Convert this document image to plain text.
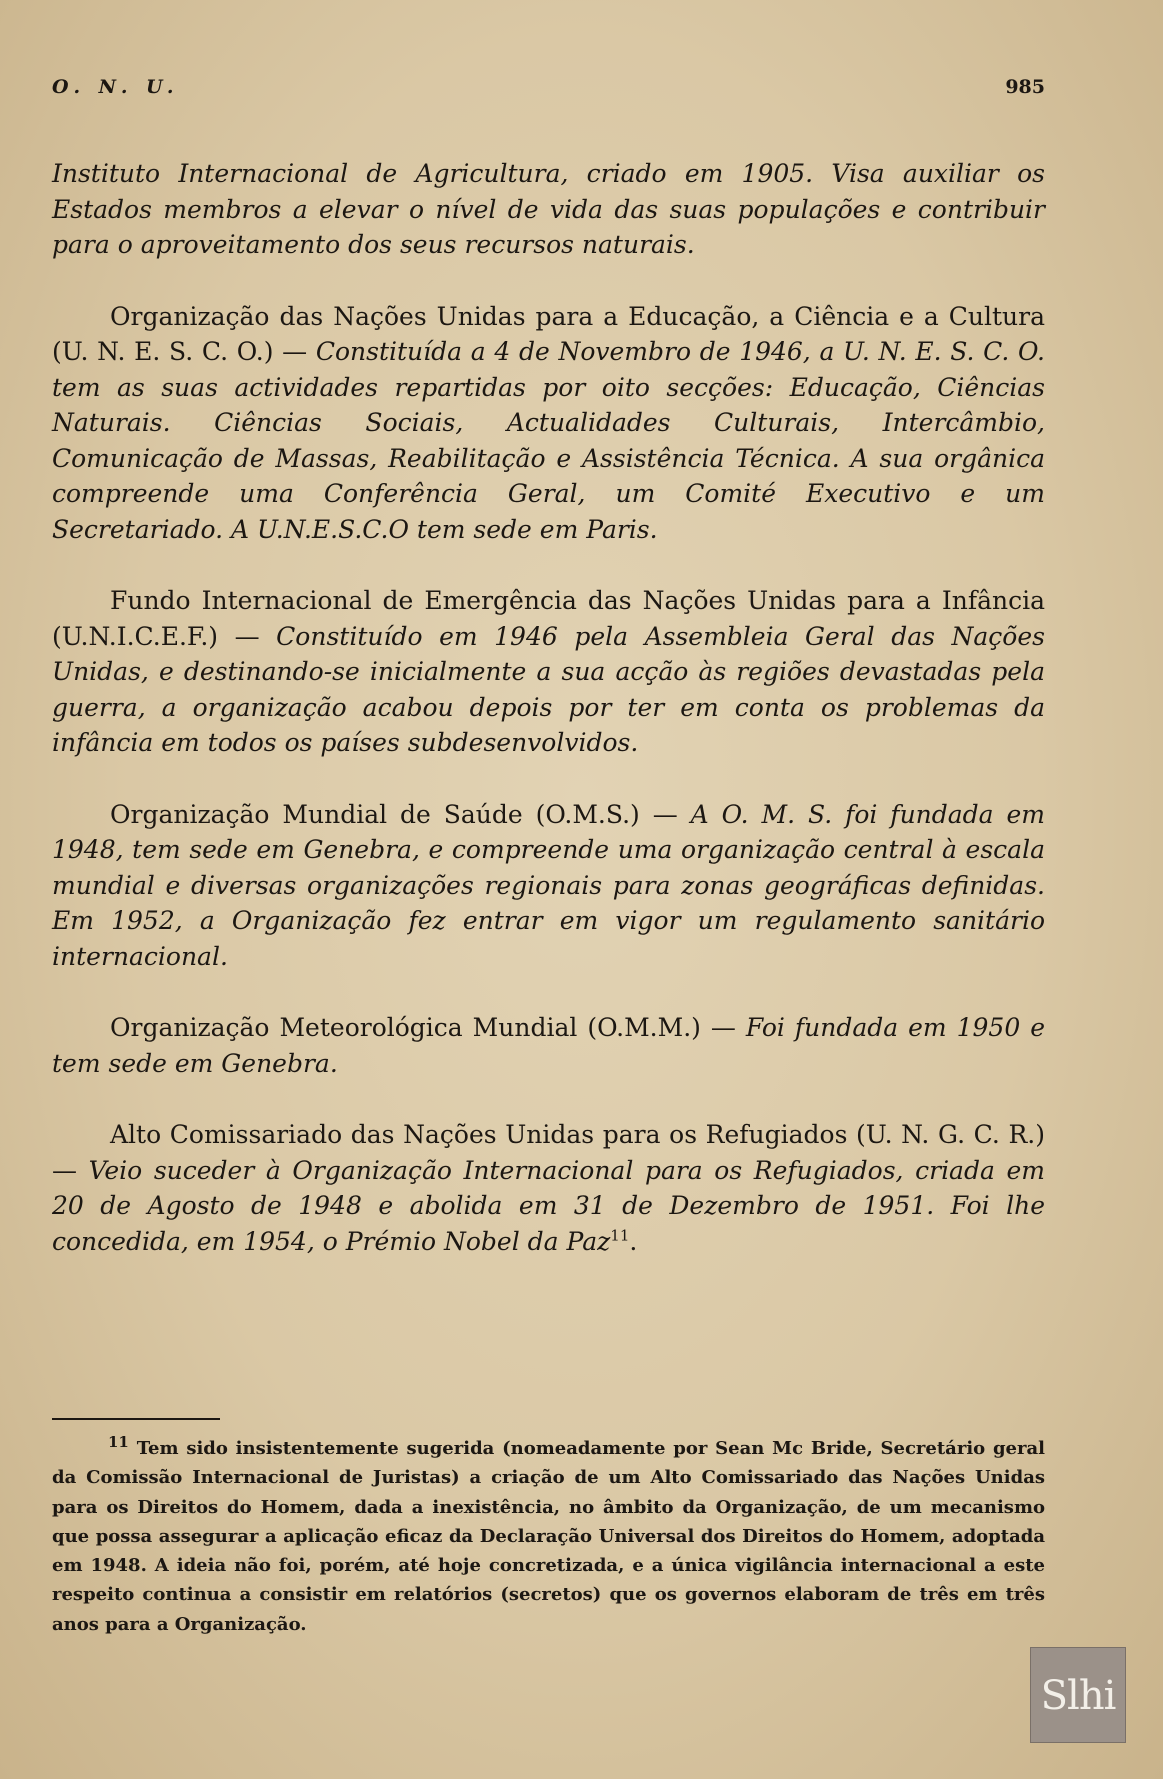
O. N. U.	985

Instituto Internacional de Agricultura, criado em 1905. Visa auxiliar os Estados membros a elevar o nível de vida das suas populações e contribuir para o aproveitamento dos seus recursos naturais.

Organização das Nações Unidas para a Educação, a Ciência e a Cultura (U. N. E. S. C. O.) — Constituída a 4 de Novembro de 1946, a U. N. E. S. C. O. tem as suas actividades repartidas por oito secções: Educação, Ciências Naturais. Ciências Sociais, Actualidades Culturais, Intercâmbio, Comunicação de Massas, Reabilitação e Assistência Técnica. A sua orgânica compreende uma Conferência Geral, um Comité Executivo e um Secretariado. A U.N.E.S.C.O tem sede em Paris.

Fundo Internacional de Emergência das Nações Unidas para a Infância (U.N.I.C.E.F.) — Constituído em 1946 pela Assembleia Geral das Nações Unidas, e destinando-se inicialmente a sua acção às regiões devastadas pela guerra, a organização acabou depois por ter em conta os problemas da infância em todos os países subdesenvolvidos.

Organização Mundial de Saúde (O.M.S.) — A O. M. S. foi fundada em 1948, tem sede em Genebra, e compreende uma organização central à escala mundial e diversas organizações regionais para zonas geográficas definidas. Em 1952, a Organização fez entrar em vigor um regulamento sanitário internacional.

Organização Meteorológica Mundial (O.M.M.) — Foi fundada em 1950 e tem sede em Genebra.

Alto Comissariado das Nações Unidas para os Refugiados (U. N. G. C. R.) — Veio suceder à Organização Internacional para os Refugiados, criada em 20 de Agosto de 1948 e abolida em 31 de Dezembro de 1951. Foi lhe concedida, em 1954, o Prémio Nobel da Paz$^{11}$.

$^{11}$ Tem sido insistentemente sugerida (nomeadamente por Sean Mc Bride, Secretário geral da Comissão Internacional de Juristas) a criação de um Alto Comissariado das Nações Unidas para os Direitos do Homem, dada a inexistência, no âmbito da Organização, de um mecanismo que possa assegurar a aplicação eficaz da Declaração Universal dos Direitos do Homem, adoptada em 1948. A ideia não foi, porém, até hoje concretizada, e a única vigilância internacional a este respeito continua a consistir em relatórios (secretos) que os governos elaboram de três em três anos para a Organização.
Slhi
